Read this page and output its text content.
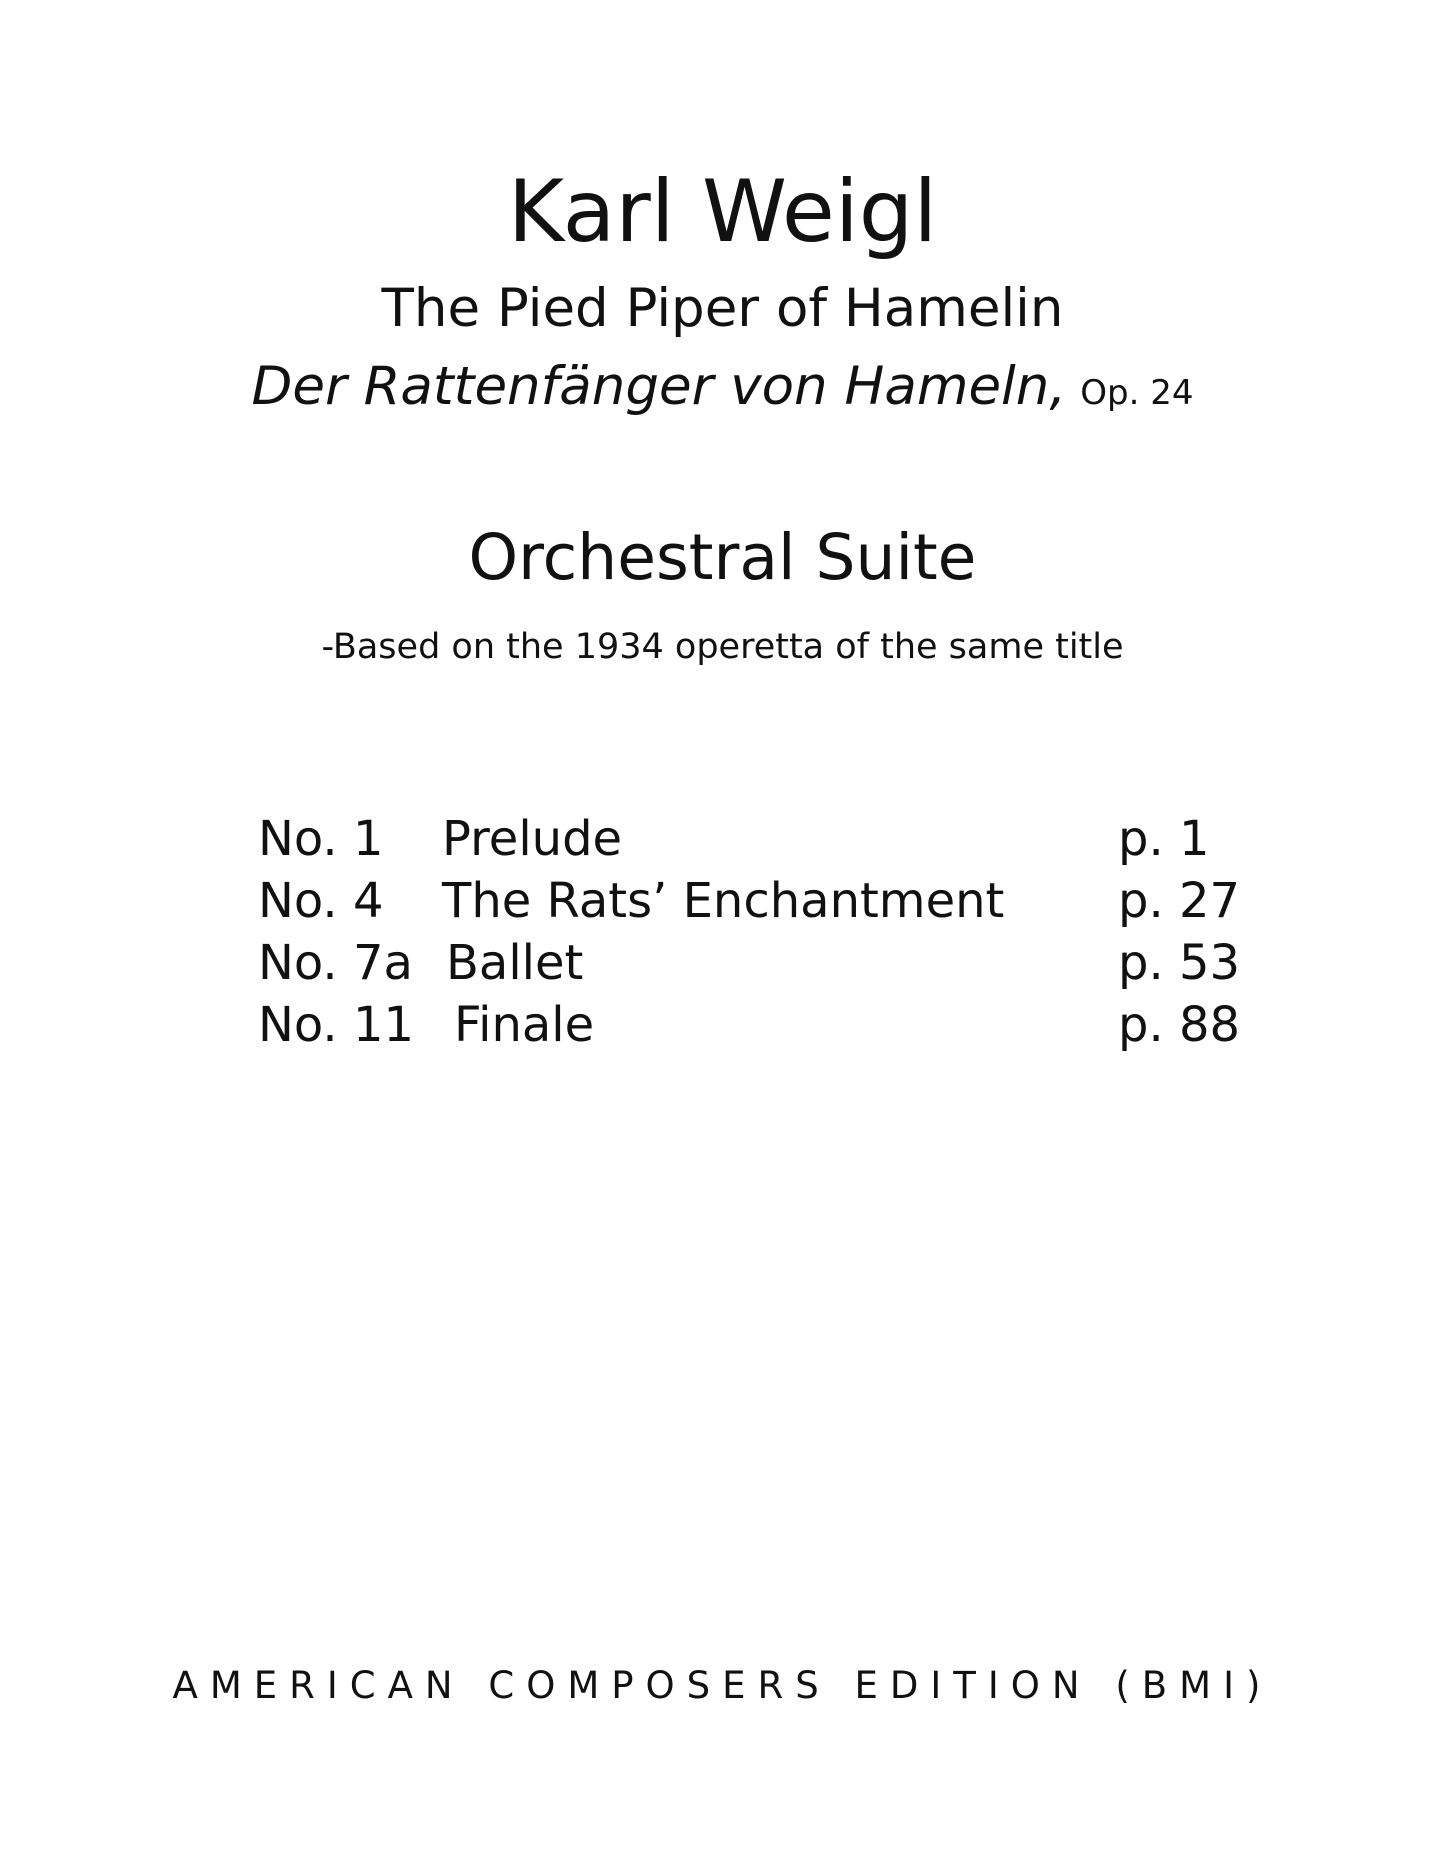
Karl Weigl
The Pied Piper of Hamelin
Der Rattenfänger von Hameln, Op. 24
Orchestral Suite
-Based on the 1934 operetta of the same title
No. 1 Prelude	p. 1
No. 4 The Rats’ Enchantment p. 27
No. 7a Ballet	p. 53
No. 11 Finale	p. 88
AMERICAN COMPOSERS EDITION (BMI)
